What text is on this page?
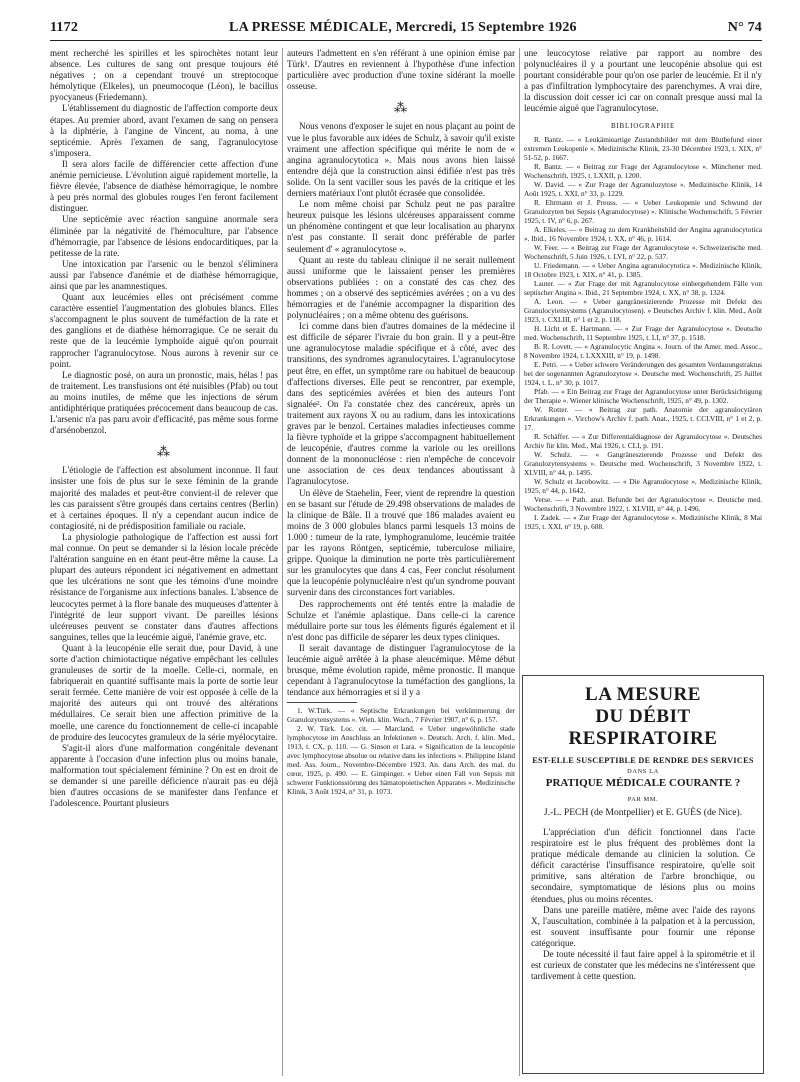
1172	LA PRESSE MÉDICALE, Mercredi, 15 Septembre 1926	N° 74

ment recherché les spirilles et les spirochètes notant leur absence. Les cultures de sang ont presque toujours été négatives ; on a cependant trouvé un streptocoque hémolytique (Elkeles), un pneumocoque (Léon), le bacillus pyocyaneus (Friedemann).

L'établissement du diagnostic de l'affection comporte deux étapes. Au premier abord, avant l'examen de sang on pensera à la diphtérie, à l'angine de Vincent, au noma, à une septicémie. Après l'examen de sang, l'agranulocytose s'imposera.

Il sera alors facile de différencier cette affection d'une anémie pernicieuse. L'évolution aiguë rapidement mortelle, la fièvre élevée, l'absence de diathèse hémorragique, le nombre à peu près normal des globules rouges l'en feront facilement distinguer.

Une septicémie avec réaction sanguine anormale sera éliminée par la négativité de l'hémoculture, par l'absence d'hémorragie, par l'absence de lésions endocarditiques, par la petitesse de la rate.

Une intoxication par l'arsenic ou le benzol s'éliminera aussi par l'absence d'anémie et de diathèse hémorragique, ainsi que par les anamnestiques.

Quant aux leucémies elles ont précisément comme caractère essentiel l'augmentation des globules blancs. Elles s'accompagnent le plus souvent de tuméfaction de la rate et des ganglions et de diathèse hémorragique. Ce ne serait du reste que de la leucémie lymphoïde aiguë qu'on pourrait rapprocher l'agranulocytose. Nous aurons à revenir sur ce point.

Le diagnostic posé, on aura un pronostic, mais, hélas ! pas de traitement. Les transfusions ont été nuisibles (Pfab) ou tout au moins inutiles, de même que les injections de sérum antidiphtérique pratiquées précocement dans beaucoup de cas. L'arsenic n'a pas paru avoir d'efficacité, pas même sous forme d'arsénobenzol.

⁂

L'étiologie de l'affection est absolument inconnue. Il faut insister une fois de plus sur le sexe féminin de la grande majorité des malades et peut-être convient-il de relever que les cas paraissent s'être groupés dans certains centres (Berlin) et à certaines époques. Il n'y a cependant aucun indice de contagiosité, ni de prédisposition familiale ou raciale.

La physiologie pathologique de l'affection est aussi fort mal connue. On peut se demander si la lésion locale précède l'altération sanguine en en étant peut-être même la cause. La plupart des auteurs répondent ici négativement en admettant que les ulcérations ne sont que les témoins d'une moindre résistance de l'organisme aux infections banales. L'absence de leucocytes permet à la flore banale des muqueuses d'attenter à l'intégrité de leur support vivant. De pareilles lésions ulcéreuses peuvent se constater dans d'autres affections sanguines, telles que la leucémie aiguë, l'anémie grave, etc.

Quant à la leucopénie elle serait due, pour David, à une sorte d'action chimiotactique négative empêchant les cellules granuleuses de sortir de la moelle. Celle-ci, normale, en fabriquerait en quantité suffisante mais la porte de sortie leur serait fermée. Cette manière de voir est opposée à celle de la majorité des auteurs qui ont trouvé des altérations médullaires. Ce serait bien une affection primitive de la moelle, une carence du fonctionnement de celle-ci incapable de produire des leucocytes granuleux de la série myélocytaire.

S'agit-il alors d'une malformation congénitale devenant apparente à l'occasion d'une infection plus ou moins banale, malformation tout spécialement féminine ? On est en droit de se demander si une pareille déficience n'aurait pas eu déjà bien d'autres occasions de se manifester dans l'enfance et l'adolescence. Pourtant plusieurs

auteurs l'admettent en s'en référant à une opinion émise par Türk¹. D'autres en reviennent à l'hypothèse d'une infection particulière avec production d'une toxine sidérant la moelle osseuse.

⁂

Nous venons d'exposer le sujet en nous plaçant au point de vue le plus favorable aux idées de Schulz, à savoir qu'il existe vraiment une affection spécifique qui mérite le nom de « angina agranulocytotica ». Mais nous avons bien laissé entendre déjà que la construction ainsi édifiée n'est pas très solide. On la sent vaciller sous les pavés de la critique et les derniers matériaux l'ont plutôt écrasée que consolidée.

Le nom même choisi par Schulz peut ne pas paraître heureux puisque les lésions ulcéreuses apparaissent comme un phénomène contingent et que leur localisation au pharynx n'est pas constante. Il serait donc préférable de parler seulement d' « agranulocytose ».

Quant au reste du tableau clinique il ne serait nullement aussi uniforme que le laissaient penser les premières observations publiées : on a constaté des cas chez des hommes ; on a observé des septicémies avérées ; on a vu des hémorragies et de l'anémie accompagner la disparition des polynucléaires ; on a même obtenu des guérisons.

Ici comme dans bien d'autres domaines de la médecine il est difficile de séparer l'ivraie du bon grain. Il y a peut-être une agranulocytose maladie spécifique et à côté, avec des transitions, des syndromes agranulocytaires. L'agranulocytose peut être, en effet, un symptôme rare ou habituel de beaucoup d'affections diverses. Elle peut se rencontrer, par exemple, dans des septicémies avérées et bien des auteurs l'ont signalée². On l'a constatée chez des cancéreux, après un traitement aux rayons X ou au radium, dans les intoxications graves par le benzol. Certaines maladies infectieuses comme la fièvre typhoïde et la grippe s'accompagnent habituellement de leucopénie, d'autres comme la variole ou les oreillons donnent de la mononucléose : rien n'empêche de concevoir une association de ces deux tendances aboutissant à l'agranulocytose.

Un élève de Staehelin, Feer, vient de reprendre la question en se basant sur l'étude de 29.498 observations de malades de la clinique de Bâle. Il a trouvé que 186 malades avaient eu moins de 3 000 globules blancs parmi lesquels 13 moins de 1.000 : tumeur de la rate, lymphogranulome, leucémie traitée par les rayons Röntgen, septicémie, tuberculose miliaire, grippe. Quoique la diminution ne porte très particulièrement sur les granulocytes que dans 4 cas, Feer conclut résolument que la leucopénie polynucléaire n'est qu'un syndrome pouvant survenir dans des circonstances fort variables.

Des rapprochements ont été tentés entre la maladie de Schulze et l'anémie aplastique. Dans celle-ci la carence médullaire porte sur tous les éléments figurés également et il n'est donc pas difficile de séparer les deux types cliniques.

Il serait davantage de distinguer l'agranulocytose de la leucémie aiguë arrêtée à la phase aleucémique. Même début brusque, même évolution rapide, même pronostic. Il manque cependant à l'agranulocytose la tuméfaction des ganglions, la tendance aux hémorragies et si il y a

1. W.Türk. — « Septische Erkrankungen bei verkümmerung der Granulozytensystems ». Wien. klin. Woch., 7 Février 1907, n° 6, p. 157.

2. W. Türk. Loc. cit. — Marcland. « Ueber ungewöhnliche stade lymphocytose im Anschluss an Infektionen ». Deutsch. Arch. f. klin. Med., 1913, t. CX, p. 110. — G. Sinson et Lara. « Signification de la leucopénie avec lymphocytose absolue ou relative dans les infections ». Philippine Island med. Ass. Journ., Novembre-Décembre 1923. An. dans Arch. des mal. du cœur, 1925, p. 490. — E. Gimpinger. « Ueber einen Fall von Sepsis mit schwerer Funktionsstörung des hämatopoietischen Apparates ». Medizinische Klinik, 3 Août 1924, n° 31, p. 1073.

une leucocytose relative par rapport au nombre des polynucléaires il y a pourtant une leucopénie absolue qui est pourtant considérable pour qu'on ose parler de leucémie. Et il n'y a pas d'infiltration lymphocytaire des parenchymes. A vrai dire, la discussion doit cesser ici car on connaît presque aussi mal la leucémie aiguë que l'agranulocytose.

BIBLIOGRAPHIE

R. Bantz. — « Leukämieartige Zustandsbilder mit dem Blutbefund einer extremen Leukopenie ». Medizinische Klinik, 23-30 Décembre 1923, t. XIX, n° 51-52, p. 1667.

R. Bantz. — « Beitrag zur Frage der Agranulocytose ». Münchener med. Wochenschrift, 1925, t. LXXII, p. 1200.

W. David. — « Zur Frage der Agranulozytose ». Medizinische Klinik, 14 Août 1925, t. XXI, n° 33, p. 1229.

R. Ehrmann et J. Preuss. — « Ueber Leukopenie und Schwund der Granulozyten bei Sepsis (Agranulocytose) ». Klinische Wochenschrift, 5 Février 1925, t. IV, n° 6, p. 267.

A. Elkeles. — « Beitrag zu dem Krankheitsbild der Angina agranulocytotica ». Ibid., 16 Novembre 1924, t. XX, n° 46, p. 1614.

W. Feer. — « Beitrag zur Frage der Agranulocytose ». Schweizerische med. Wochenschrift, 5 Juin 1926, t. LVI, n° 22, p. 537.

U. Friedemann. — « Ueber Angina agranulocytotica ». Medizinische Klinik, 18 Octobre 1923, t. XIX, n° 41, p. 1385.

Lauter. — « Zur Frage der mit Agranulocytose einhergehendem Fälle von septischer Angina ». Ibid., 21 Septembre 1924, t. XX, n° 38, p. 1324.

A. Leon. — « Ueber gangränesizierende Prozesse mit Defekt des Granulocytensystems (Agranulocytosen). » Deutsches Archiv f. klin. Med., Août 1923, t. CXLIII, n° 1 et 2, p. 118.

H. Licht et E. Hartmann. — « Zur Frage der Agranulocytose ». Deutsche med. Wochenschrift, 11 Septembre 1925, t. LI, n° 37, p. 1518.

B. R. Lovett. — « Agranulocytic Angina ». Journ. of the Amer. med. Assoc., 8 Novembre 1924, t. LXXXIII, n° 19, p. 1498.

E. Petri. — « Ueber schwere Veränderungen des gesamten Verdauungstraktus bei der sogenannten Agranulozytose ». Deutsche med. Wochenschrift, 25 Juillet 1924, t. L, n° 30, p. 1017.

Pfab. — « Ein Beitrag zur Frage der Agranulocytose unter Berücksichtigung der Therapie ». Wiener klinische Wochenschrift, 1925, n° 49, p. 1302.

W. Rotter. — « Beitrag zur path. Anatomie der agranulocytären Erkrankungen ». Virchow's Archiv f. path. Anat., 1925, t. CCLVIII, n° 1 et 2, p. 17.

R. Schäffer. — « Zur Differentialdiagnose der Agranulocytose ». Deutsches Archiv für klin. Med., Mai 1926, t. CLI, p. 191.

W. Schulz. — « Gangräneszierende Prozesse und Defekt des Granulozytensystems ». Deutsche med. Wochenschrift, 3 Novembre 1922, t. XLVIII, n° 44, p. 1495.

W. Schulz et Jacobowitz. — « Die Agranulocytose », Medizinische Klinik, 1925, n° 44, p. 1642.

Verse. — « Path. anat. Befunde bei der Agranulocytose ». Deutsche med. Wochenschrift, 3 Novembre 1922, t. XLVIII, n° 44, p. 1496.

I. Zadek. — « Zur Frage der Agranulocytose ». Medizinische Klinik, 8 Mai 1925, t. XXI, n° 19, p. 688.

LA MESURE
DU DÉBIT RESPIRATOIRE
EST-ELLE SUSCEPTIBLE DE RENDRE DES SERVICES
DANS LA
PRATIQUE MÉDICALE COURANTE ?
PAR MM.
J.-L. PECH (de Montpellier) et E. GUÈS (de Nice).

L'appréciation d'un déficit fonctionnel dans l'acte respiratoire est le plus fréquent des problèmes dont la pratique médicale demande au clinicien la solution. Ce déficit caractérise l'insuffisance respiratoire, qu'elle soit primitive, sans altération de l'arbre bronchique, ou secondaire, symptomatique de lésions plus ou moins étendues, plus ou moins récentes.

Dans une pareille matière, même avec l'aide des rayons X, l'auscultation, combinée à la palpation et à la percussion, est souvent insuffisante pour fournir une réponse catégorique.

De toute nécessité il faut faire appel à la spirométrie et il est curieux de constater que les médecins ne s'intéressent que tardivement à cette question.
